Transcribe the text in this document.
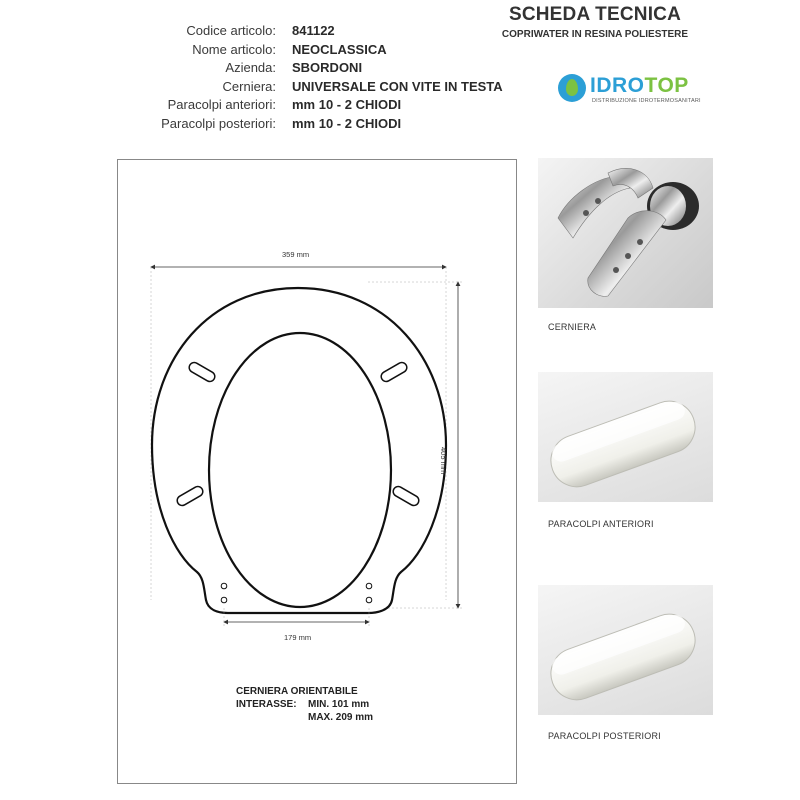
SCHEDA TECNICA
COPRIWATER IN RESINA POLIESTERE
Codice articolo:
Nome articolo:
Azienda:
Cerniera:
Paracolpi anteriori:
Paracolpi posteriori:
841122
NEOCLASSICA
SBORDONI
UNIVERSALE CON VITE IN TESTA
mm 10 - 2 CHIODI
mm 10 - 2 CHIODI
IDROTOP
DISTRIBUZIONE IDROTERMOSANITARI
359 mm
405 mm
179 mm
CERNIERA ORIENTABILE
INTERASSE: MIN. 101 mm
MAX. 209 mm
CERNIERA
PARACOLPI ANTERIORI
PARACOLPI POSTERIORI
